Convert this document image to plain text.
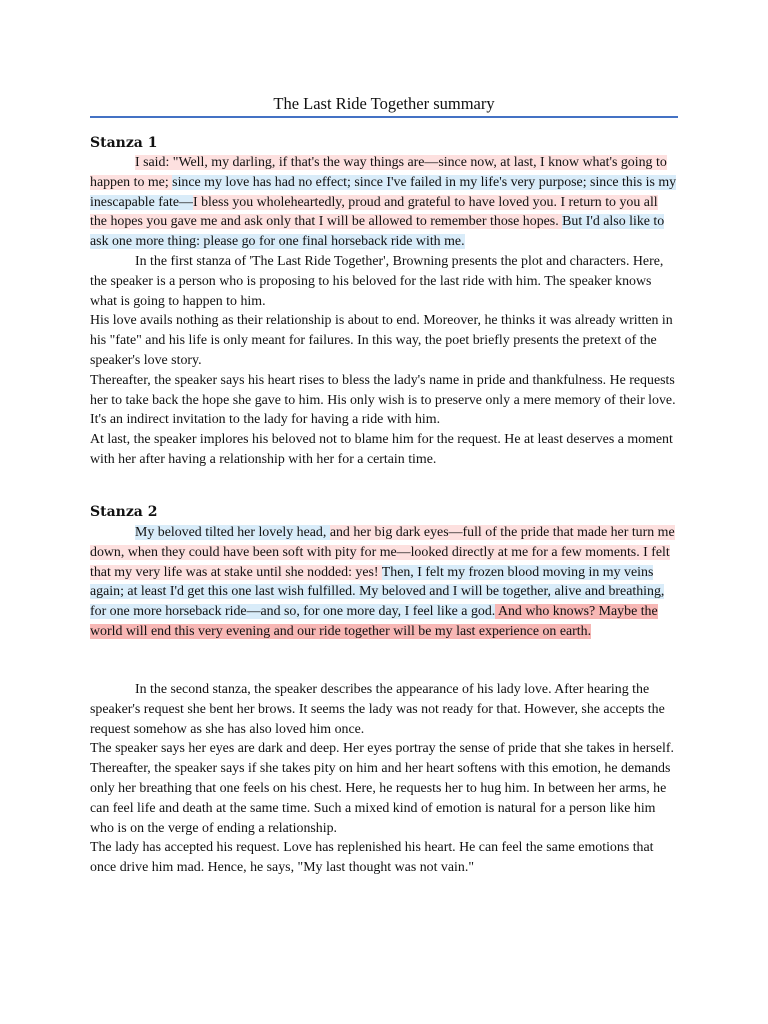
The Last Ride Together summary
Stanza 1

I said: "Well, my darling, if that's the way things are—since now, at last, I know what's going to happen to me; since my love has had no effect; since I've failed in my life's very purpose; since this is my inescapable fate—I bless you wholeheartedly, proud and grateful to have loved you. I return to you all the hopes you gave me and ask only that I will be allowed to remember those hopes. But I'd also like to ask one more thing: please go for one final horseback ride with me.

In the first stanza of 'The Last Ride Together', Browning presents the plot and characters. Here, the speaker is a person who is proposing to his beloved for the last ride with him. The speaker knows what is going to happen to him.

His love avails nothing as their relationship is about to end. Moreover, he thinks it was already written in his "fate" and his life is only meant for failures. In this way, the poet briefly presents the pretext of the speaker's love story.

Thereafter, the speaker says his heart rises to bless the lady's name in pride and thankfulness. He requests her to take back the hope she gave to him. His only wish is to preserve only a mere memory of their love. It's an indirect invitation to the lady for having a ride with him.

At last, the speaker implores his beloved not to blame him for the request. He at least deserves a moment with her after having a relationship with her for a certain time.

Stanza 2

My beloved tilted her lovely head, and her big dark eyes—full of the pride that made her turn me down, when they could have been soft with pity for me—looked directly at me for a few moments. I felt that my very life was at stake until she nodded: yes! Then, I felt my frozen blood moving in my veins again; at least I'd get this one last wish fulfilled. My beloved and I will be together, alive and breathing, for one more horseback ride—and so, for one more day, I feel like a god. And who knows? Maybe the world will end this very evening and our ride together will be my last experience on earth.

In the second stanza, the speaker describes the appearance of his lady love. After hearing the speaker's request she bent her brows. It seems the lady was not ready for that. However, she accepts the request somehow as she has also loved him once.

The speaker says her eyes are dark and deep. Her eyes portray the sense of pride that she takes in herself.

Thereafter, the speaker says if she takes pity on him and her heart softens with this emotion, he demands only her breathing that one feels on his chest. Here, he requests her to hug him. In between her arms, he can feel life and death at the same time. Such a mixed kind of emotion is natural for a person like him who is on the verge of ending a relationship.

The lady has accepted his request. Love has replenished his heart. He can feel the same emotions that once drive him mad. Hence, he says, "My last thought was not vain."
